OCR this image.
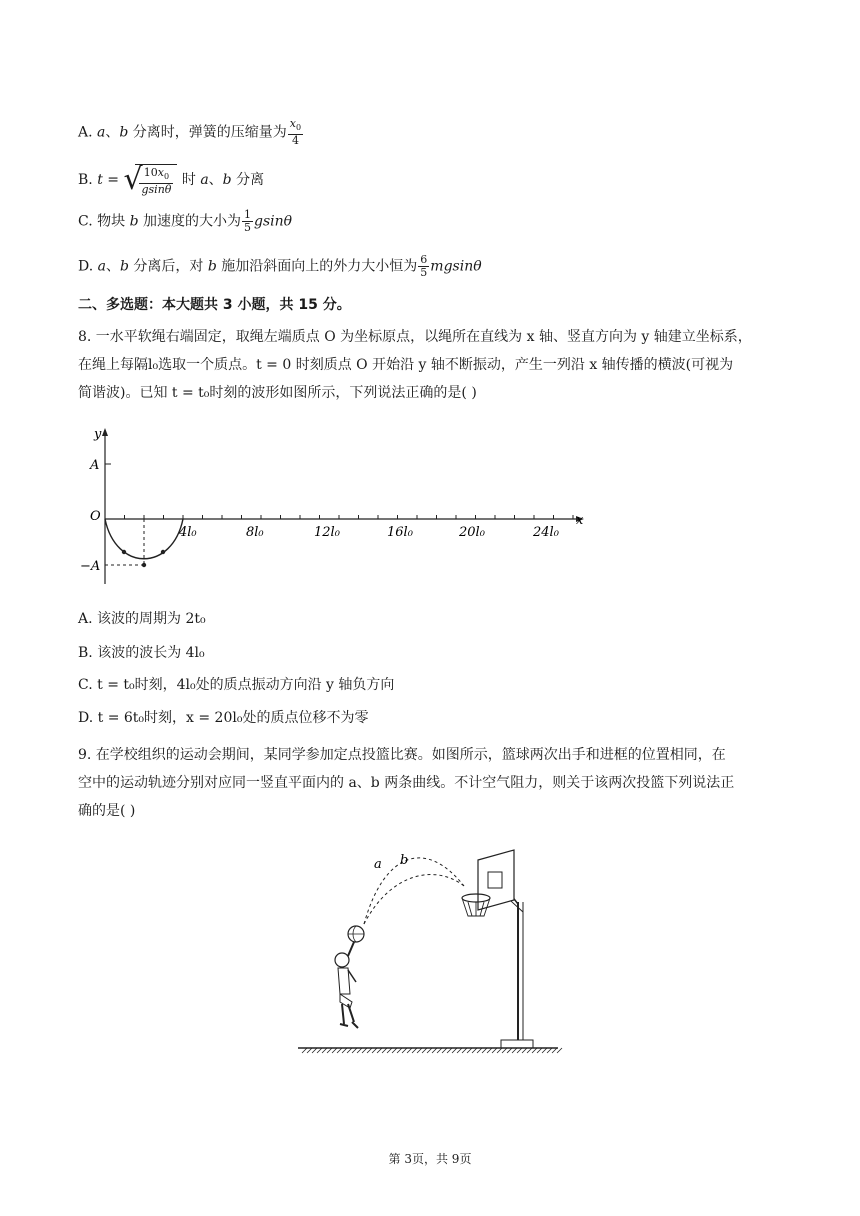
A. a、b 分离时，弹簧的压缩量为 $\frac{x_0}{4}$
B. t = √
$\frac{10x_0}{gsin\theta}$ 时 a、b 分离
C. 物块 b 加速度的大小为 $\frac{1}{5}$ gsinθ
D. a、b 分离后，对 b 施加沿斜面向上的外力大小恒为 $\frac{6}{5}$ mgsinθ
二、多选题：本大题共 3 小题，共 15 分。
8. 一水平软绳右端固定，取绳左端质点 O 为坐标原点，以绳所在直线为 x 轴、竖直方向为 y 轴建立坐标系，
在绳上每隔l₀选取一个质点。t = 0 时刻质点 O 开始沿 y 轴不断振动，产生一列沿 x 轴传播的横波(可视为
简谐波)。已知 t = t₀时刻的波形如图所示，下列说法正确的是( )
y
x
A
−A
O
4l₀	8l₀	12l₀	16l₀	20l₀	24l₀
A. 该波的周期为 2t₀
B. 该波的波长为 4l₀
C. t = t₀时刻，4l₀处的质点振动方向沿 y 轴负方向
D. t = 6t₀时刻，x = 20l₀处的质点位移不为零
9. 在学校组织的运动会期间，某同学参加定点投篮比赛。如图所示，篮球两次出手和进框的位置相同，在
空中的运动轨迹分别对应同一竖直平面内的 a、b 两条曲线。不计空气阻力，则关于该两次投篮下列说法正
确的是( )
a b
第 3页，共 9页
